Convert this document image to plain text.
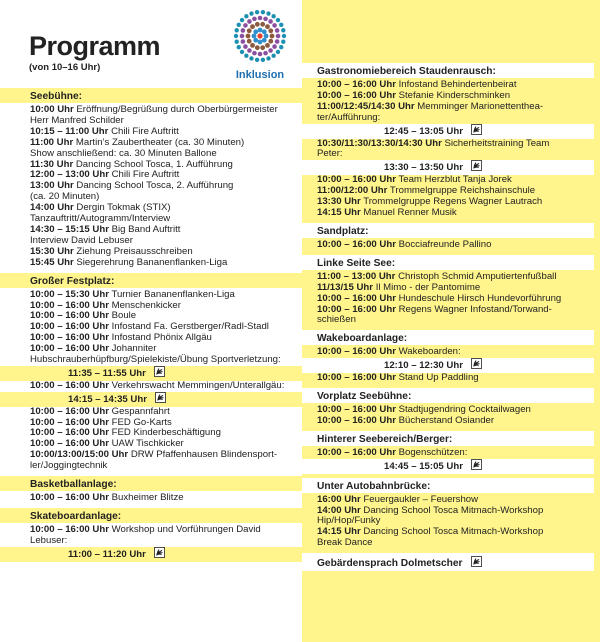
Programm
(von 10–16 Uhr)
Inklusion
Seebühne:
10:00 Uhr Eröffnung/Begrüßung durch Oberbürgermeister
Herr Manfred Schilder
10:15 – 11:00 Uhr Chili Fire Auftritt
11:00 Uhr Martin’s Zaubertheater (ca. 30 Minuten)
Show anschließend: ca. 30 Minuten Ballone
11:30 Uhr Dancing School Tosca, 1. Aufführung
12:00 – 13:00 Uhr Chili Fire Auftritt
13:00 Uhr Dancing School Tosca, 2. Aufführung
(ca. 20 Minuten)
14:00 Uhr Dergin Tokmak (STIX)
Tanzauftritt/Autogramm/Interview
14:30 – 15:15 Uhr Big Band Auftritt
Interview David Lebuser
15:30 Uhr Ziehung Preisausschreiben
15:45 Uhr Siegerehrung Bananenflanken-Liga
Großer Festplatz:
10:00 – 15:30 Uhr Turnier Bananenflanken-Liga
10:00 – 16:00 Uhr Menschenkicker
10:00 – 16:00 Uhr Boule
10:00 – 16:00 Uhr Infostand Fa. Gerstberger/Radl-Stadl
10:00 – 16:00 Uhr Infostand Phönix Allgäu
10:00 – 16:00 Uhr Johanniter
Hubschrauberhüpfburg/Spielekiste/Übung Sportverletzung:
11:35 – 11:55 Uhr
10:00 – 16:00 Uhr Verkehrswacht Memmingen/Unterallgäu:
14:15 – 14:35 Uhr
10:00 – 16:00 Uhr Gespannfahrt
10:00 – 16:00 Uhr FED Go-Karts
10:00 – 16:00 Uhr FED Kinderbeschäftigung
10:00 – 16:00 Uhr UAW Tischkicker
10:00/13:00/15:00 Uhr DRW Pfaffenhausen Blindensport-
ler/Joggingtechnik
Basketballanlage:
10:00 – 16:00 Uhr Buxheimer Blitze
Skateboardanlage:
10:00 – 16:00 Uhr Workshop und Vorführungen David
Lebuser:
11:00 – 11:20 Uhr
Gastronomiebereich Staudenrausch:
10:00 – 16:00 Uhr Infostand Behindertenbeirat
10:00 – 16:00 Uhr Stefanie Kinderschminken
11:00/12:45/14:30 Uhr Memminger Marionettenthea-
ter/Aufführung:
12:45 – 13:05 Uhr
10:30/11:30/13:30/14:30 Uhr Sicherheitstraining Team
Peter:
13:30 – 13:50 Uhr
10:00 – 16:00 Uhr Team Herzblut Tanja Jorek
11:00/12:00 Uhr Trommelgruppe Reichshainschule
13:30 Uhr Trommelgruppe Regens Wagner Lautrach
14:15 Uhr Manuel Renner Musik
Sandplatz:
10:00 – 16:00 Uhr Bocciafreunde Pallino
Linke Seite See:
11:00 – 13:00 Uhr Christoph Schmid Amputiertenfußball
11/13/15 Uhr Il Mimo - der Pantomime
10:00 – 16:00 Uhr Hundeschule Hirsch Hundevorführung
10:00 – 16:00 Uhr Regens Wagner Infostand/Torwand-
schießen
Wakeboardanlage:
10:00 – 16:00 Uhr Wakeboarden:
12:10 – 12:30 Uhr
10:00 – 16:00 Uhr Stand Up Paddling
Vorplatz Seebühne:
10:00 – 16:00 Uhr Stadtjugendring Cocktailwagen
10:00 – 16:00 Uhr Bücherstand Osiander
Hinterer Seebereich/Berger:
10:00 – 16:00 Uhr Bogenschützen:
14:45 – 15:05 Uhr
Unter Autobahnbrücke:
16:00 Uhr Feuergaukler – Feuershow
14:00 Uhr Dancing School Tosca Mitmach-Workshop
Hip/Hop/Funky
14:15 Uhr Dancing School Tosca Mitmach-Workshop
Break Dance
Gebärdensprach Dolmetscher
